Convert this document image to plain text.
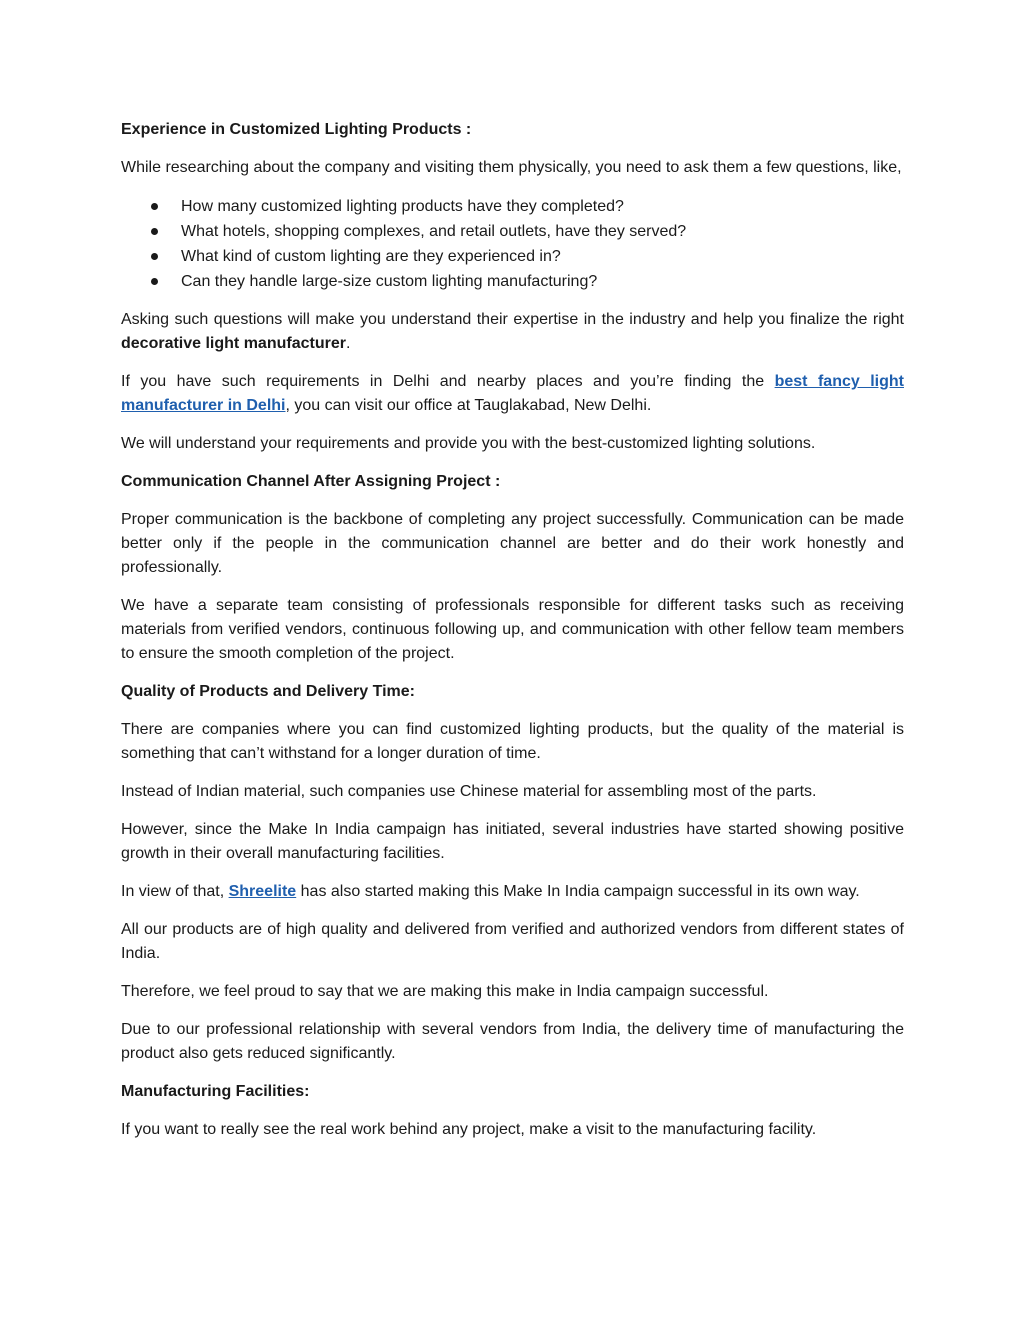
Experience in Customized Lighting Products :

While researching about the company and visiting them physically, you need to ask them a few questions, like,

How many customized lighting products have they completed?
What hotels, shopping complexes, and retail outlets, have they served?
What kind of custom lighting are they experienced in?
Can they handle large-size custom lighting manufacturing?

Asking such questions will make you understand their expertise in the industry and help you finalize the right decorative light manufacturer.

If you have such requirements in Delhi and nearby places and you’re finding the best fancy light manufacturer in Delhi, you can visit our office at Tauglakabad, New Delhi.

We will understand your requirements and provide you with the best-customized lighting solutions.

Communication Channel After Assigning Project :

Proper communication is the backbone of completing any project successfully. Communication can be made better only if the people in the communication channel are better and do their work honestly and professionally.

We have a separate team consisting of professionals responsible for different tasks such as receiving materials from verified vendors, continuous following up, and communication with other fellow team members to ensure the smooth completion of the project.

Quality of Products and Delivery Time:

There are companies where you can find customized lighting products, but the quality of the material is something that can’t withstand for a longer duration of time.

Instead of Indian material, such companies use Chinese material for assembling most of the parts.

However, since the Make In India campaign has initiated, several industries have started showing positive growth in their overall manufacturing facilities.

In view of that, Shreelite has also started making this Make In India campaign successful in its own way.

All our products are of high quality and delivered from verified and authorized vendors from different states of India.

Therefore, we feel proud to say that we are making this make in India campaign successful.

Due to our professional relationship with several vendors from India, the delivery time of manufacturing the product also gets reduced significantly.

Manufacturing Facilities:

If you want to really see the real work behind any project, make a visit to the manufacturing facility.
